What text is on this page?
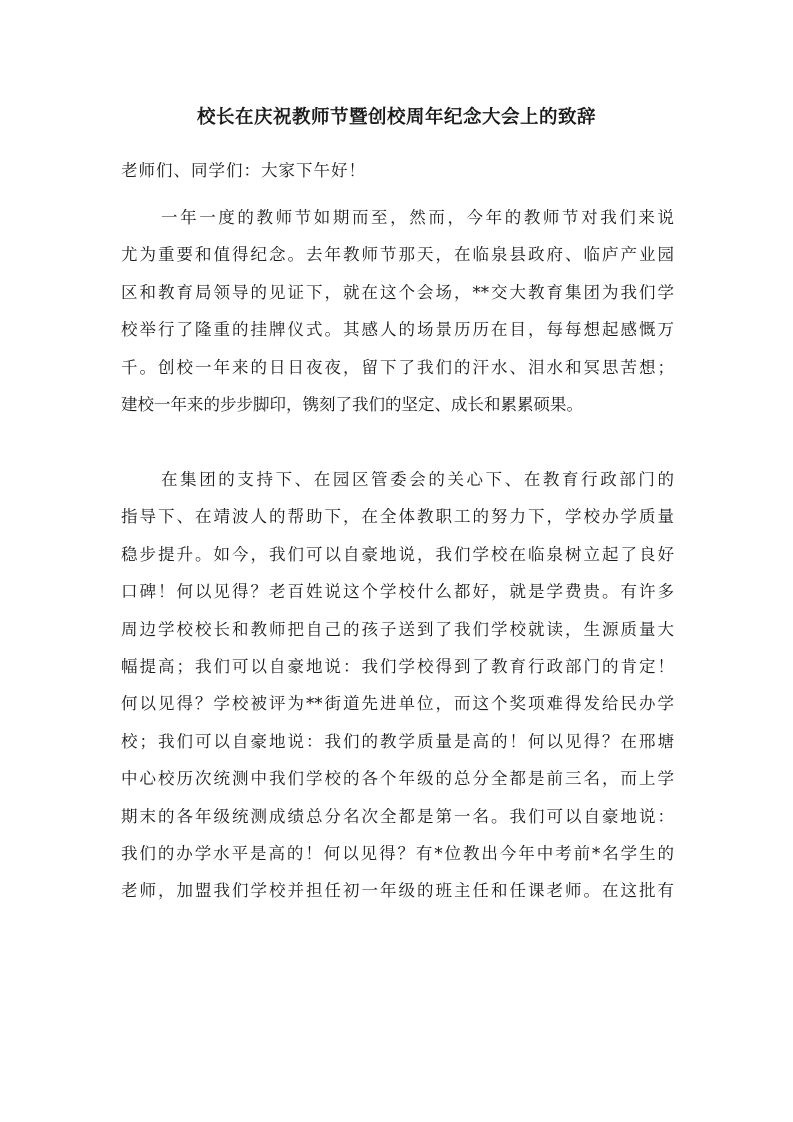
校长在庆祝教师节暨创校周年纪念大会上的致辞
老师们、同学们：大家下午好！
一年一度的教师节如期而至，然而，今年的教师节对我们来说
尤为重要和值得纪念。去年教师节那天，在临泉县政府、临庐产业园
区和教育局领导的见证下，就在这个会场，**交大教育集团为我们学
校举行了隆重的挂牌仪式。其感人的场景历历在目，每每想起感慨万
千。创校一年来的日日夜夜，留下了我们的汗水、泪水和冥思苦想；
建校一年来的步步脚印，镌刻了我们的坚定、成长和累累硕果。
在集团的支持下、在园区管委会的关心下、在教育行政部门的
指导下、在靖波人的帮助下，在全体教职工的努力下，学校办学质量
稳步提升。如今，我们可以自豪地说，我们学校在临泉树立起了良好
口碑！何以见得？老百姓说这个学校什么都好，就是学费贵。有许多
周边学校校长和教师把自己的孩子送到了我们学校就读，生源质量大
幅提高；我们可以自豪地说：我们学校得到了教育行政部门的肯定！
何以见得？学校被评为**街道先进单位，而这个奖项难得发给民办学
校；我们可以自豪地说：我们的教学质量是高的！何以见得？在邢塘
中心校历次统测中我们学校的各个年级的总分全都是前三名，而上学
期末的各年级统测成绩总分名次全都是第一名。我们可以自豪地说：
我们的办学水平是高的！何以见得？有*位教出今年中考前*名学生的
老师，加盟我们学校并担任初一年级的班主任和任课老师。在这批有
